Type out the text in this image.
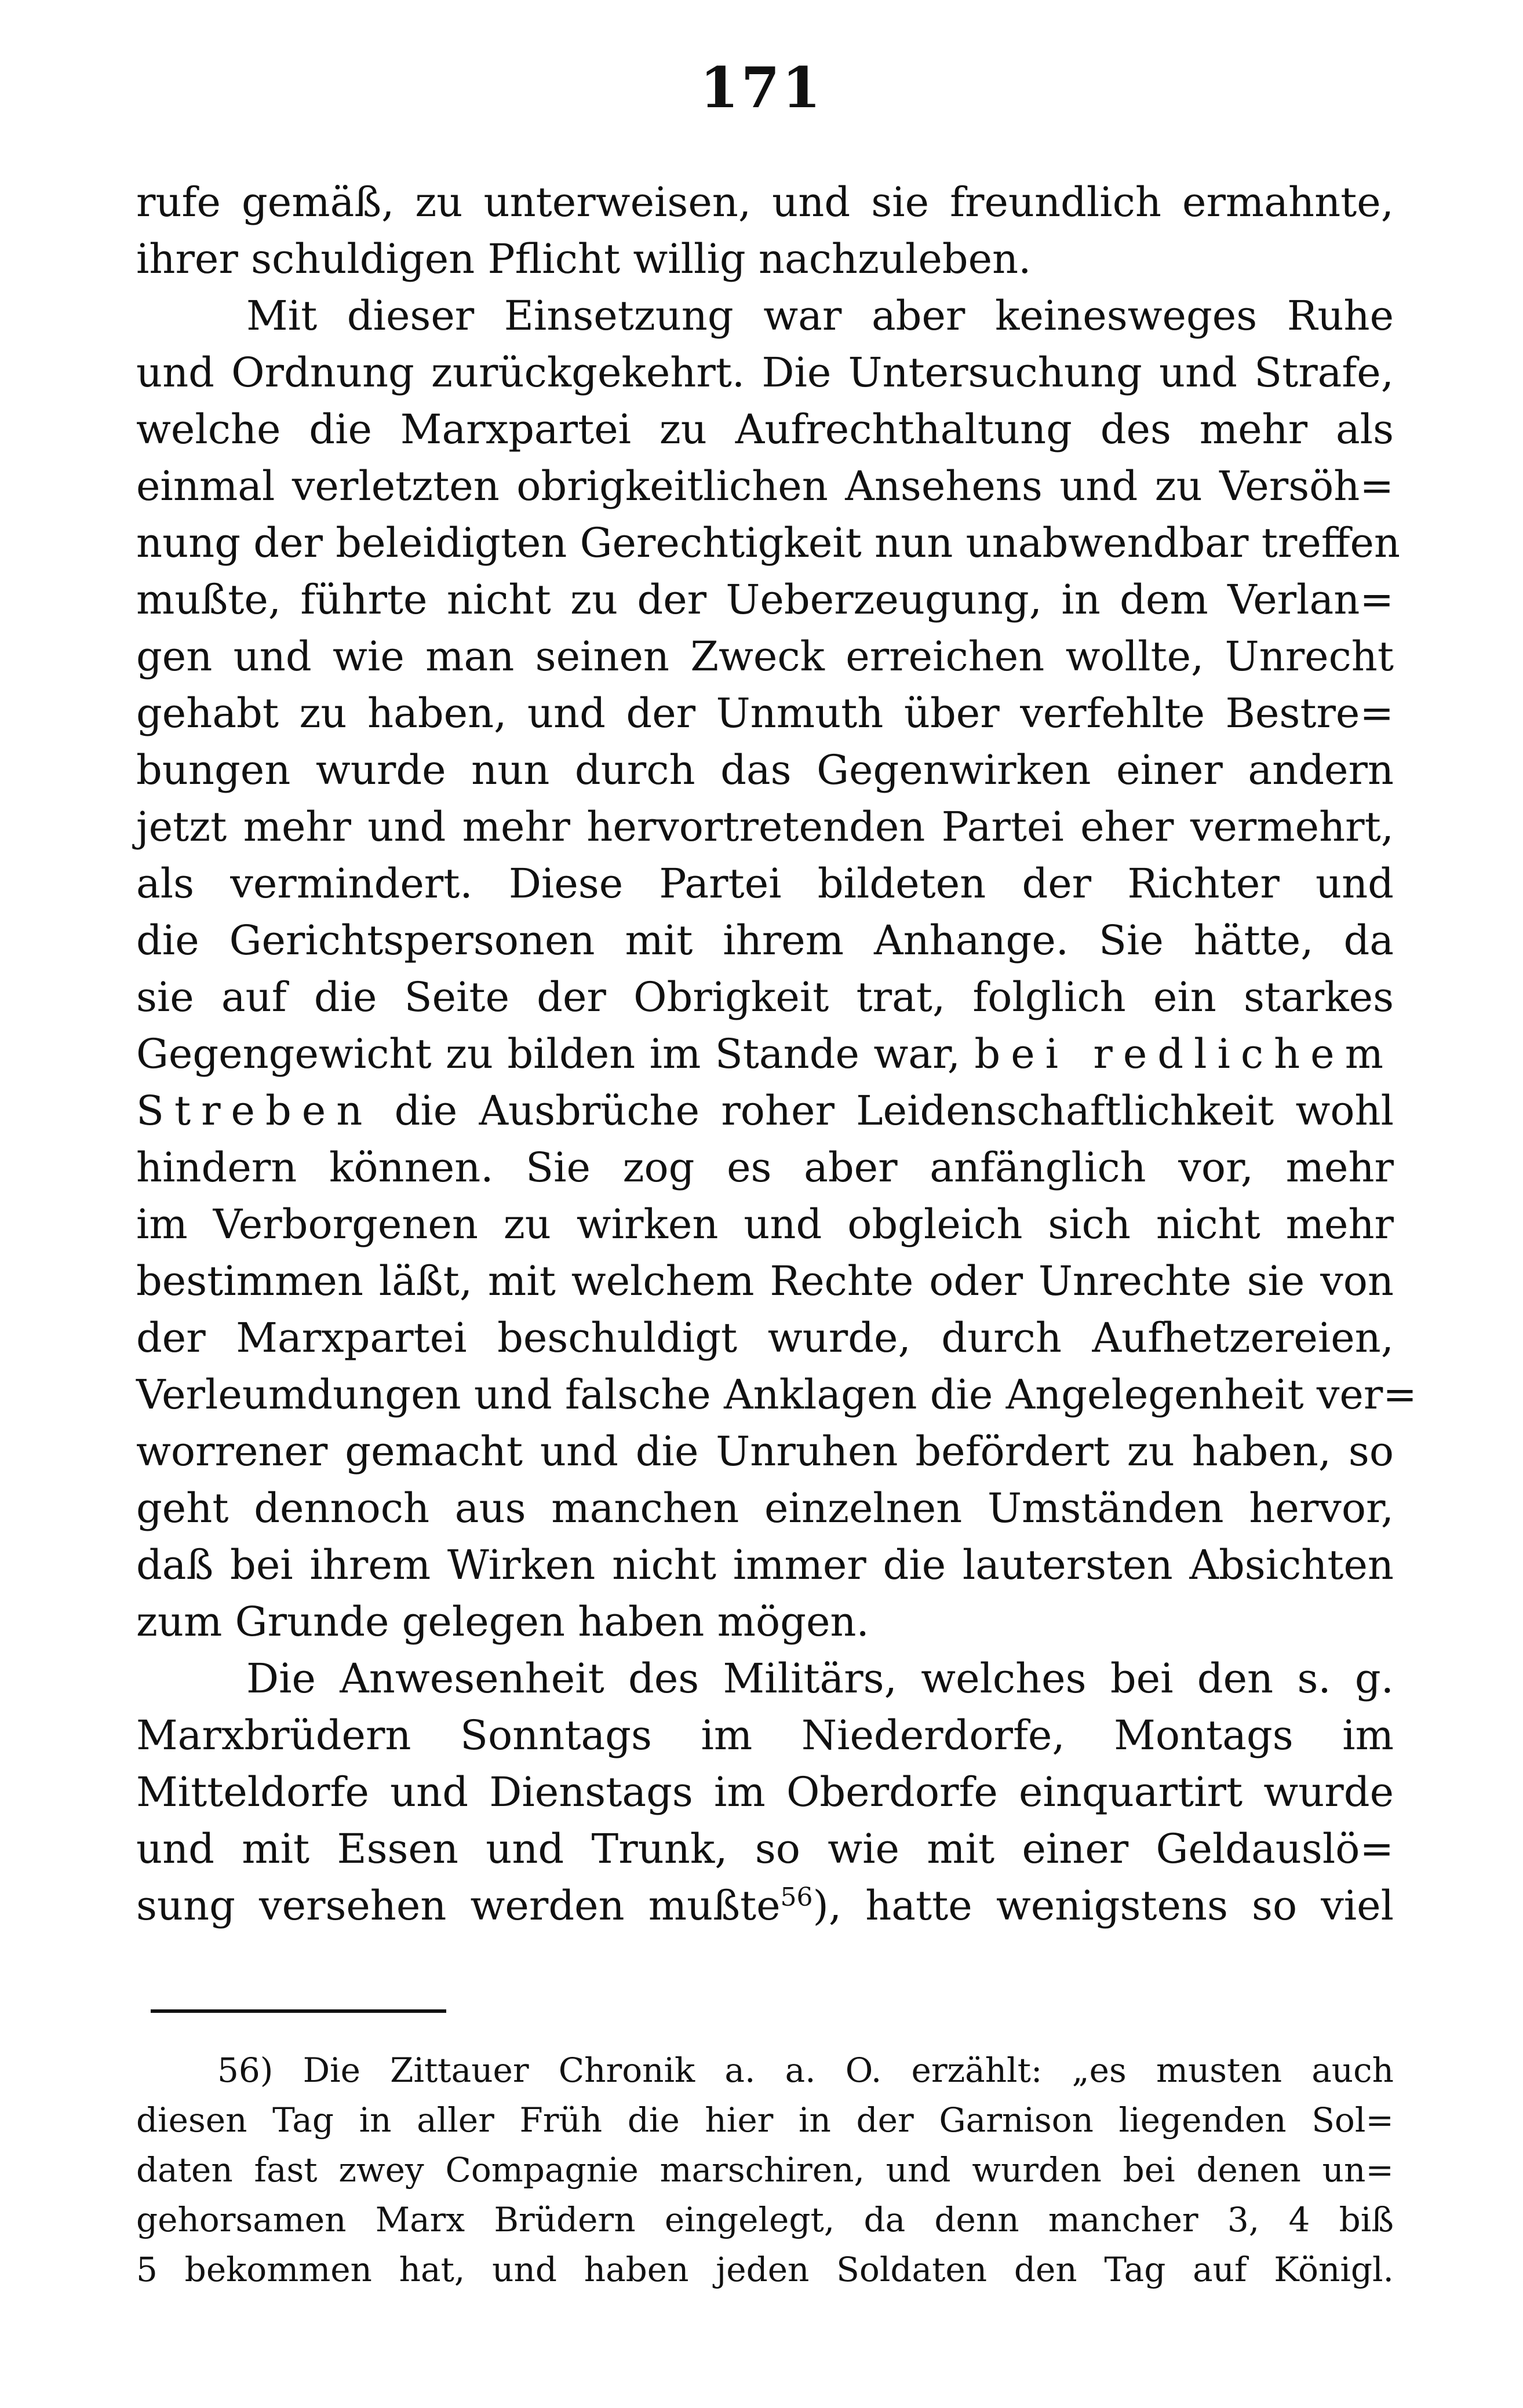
171
rufe gemäß, zu unterweisen, und sie freundlich ermahnte,
ihrer schuldigen Pflicht willig nachzuleben.
Mit dieser Einsetzung war aber keinesweges Ruhe
und Ordnung zurückgekehrt. Die Untersuchung und Strafe,
welche die Marxpartei zu Aufrechthaltung des mehr als
einmal verletzten obrigkeitlichen Ansehens und zu Versöh=
nung der beleidigten Gerechtigkeit nun unabwendbar treffen
mußte, führte nicht zu der Ueberzeugung, in dem Verlan=
gen und wie man seinen Zweck erreichen wollte, Unrecht
gehabt zu haben, und der Unmuth über verfehlte Bestre=
bungen wurde nun durch das Gegenwirken einer andern
jetzt mehr und mehr hervortretenden Partei eher vermehrt,
als vermindert. Diese Partei bildeten der Richter und
die Gerichtspersonen mit ihrem Anhange. Sie hätte, da
sie auf die Seite der Obrigkeit trat, folglich ein starkes
Gegengewicht zu bilden im Stande war, bei redlichem
Streben die Ausbrüche roher Leidenschaftlichkeit wohl
hindern können. Sie zog es aber anfänglich vor, mehr
im Verborgenen zu wirken und obgleich sich nicht mehr
bestimmen läßt, mit welchem Rechte oder Unrechte sie von
der Marxpartei beschuldigt wurde, durch Aufhetzereien,
Verleumdungen und falsche Anklagen die Angelegenheit ver=
worrener gemacht und die Unruhen befördert zu haben, so
geht dennoch aus manchen einzelnen Umständen hervor,
daß bei ihrem Wirken nicht immer die lautersten Absichten
zum Grunde gelegen haben mögen.
Die Anwesenheit des Militärs, welches bei den s. g.
Marxbrüdern Sonntags im Niederdorfe, Montags im
Mitteldorfe und Dienstags im Oberdorfe einquartirt wurde
und mit Essen und Trunk, so wie mit einer Geldauslö=
sung versehen werden mußte$^{56}$), hatte wenigstens so viel
56) Die Zittauer Chronik a. a. O. erzählt: „es musten auch
diesen Tag in aller Früh die hier in der Garnison liegenden Sol=
daten fast zwey Compagnie marschiren, und wurden bei denen un=
gehorsamen Marx Brüdern eingelegt, da denn mancher 3, 4 biß
5 bekommen hat, und haben jeden Soldaten den Tag auf Königl.
